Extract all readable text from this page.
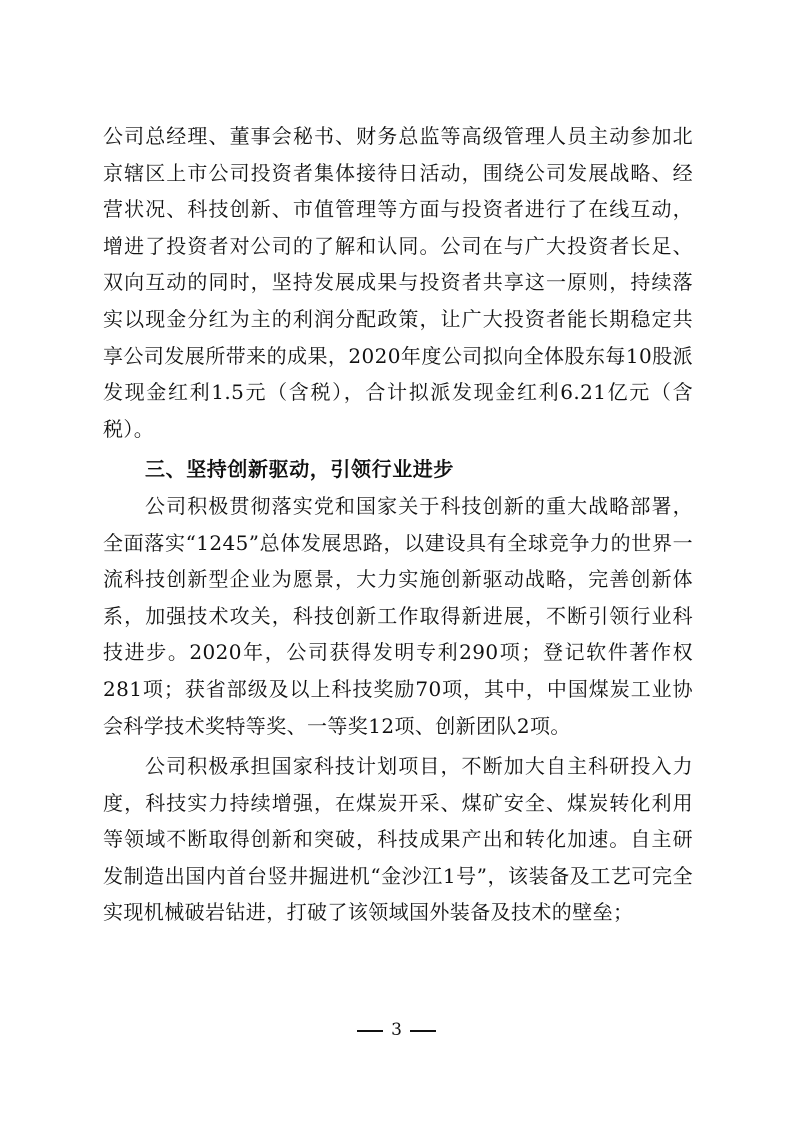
公司总经理、董事会秘书、财务总监等高级管理人员主动参加北京辖区上市公司投资者集体接待日活动，围绕公司发展战略、经营状况、科技创新、市值管理等方面与投资者进行了在线互动，增进了投资者对公司的了解和认同。公司在与广大投资者长足、双向互动的同时，坚持发展成果与投资者共享这一原则，持续落实以现金分红为主的利润分配政策，让广大投资者能长期稳定共享公司发展所带来的成果，2020年度公司拟向全体股东每10股派发现金红利1.5元（含税），合计拟派发现金红利6.21亿元（含税）。

三、坚持创新驱动，引领行业进步

公司积极贯彻落实党和国家关于科技创新的重大战略部署，全面落实“1245”总体发展思路，以建设具有全球竞争力的世界一流科技创新型企业为愿景，大力实施创新驱动战略，完善创新体系，加强技术攻关，科技创新工作取得新进展，不断引领行业科技进步。2020年，公司获得发明专利290项；登记软件著作权281项；获省部级及以上科技奖励70项，其中，中国煤炭工业协会科学技术奖特等奖、一等奖12项、创新团队2项。

公司积极承担国家科技计划项目，不断加大自主科研投入力度，科技实力持续增强，在煤炭开采、煤矿安全、煤炭转化利用等领域不断取得创新和突破，科技成果产出和转化加速。自主研发制造出国内首台竖井掘进机“金沙江1号”，该装备及工艺可完全实现机械破岩钻进，打破了该领域国外装备及技术的壁垒；

3
